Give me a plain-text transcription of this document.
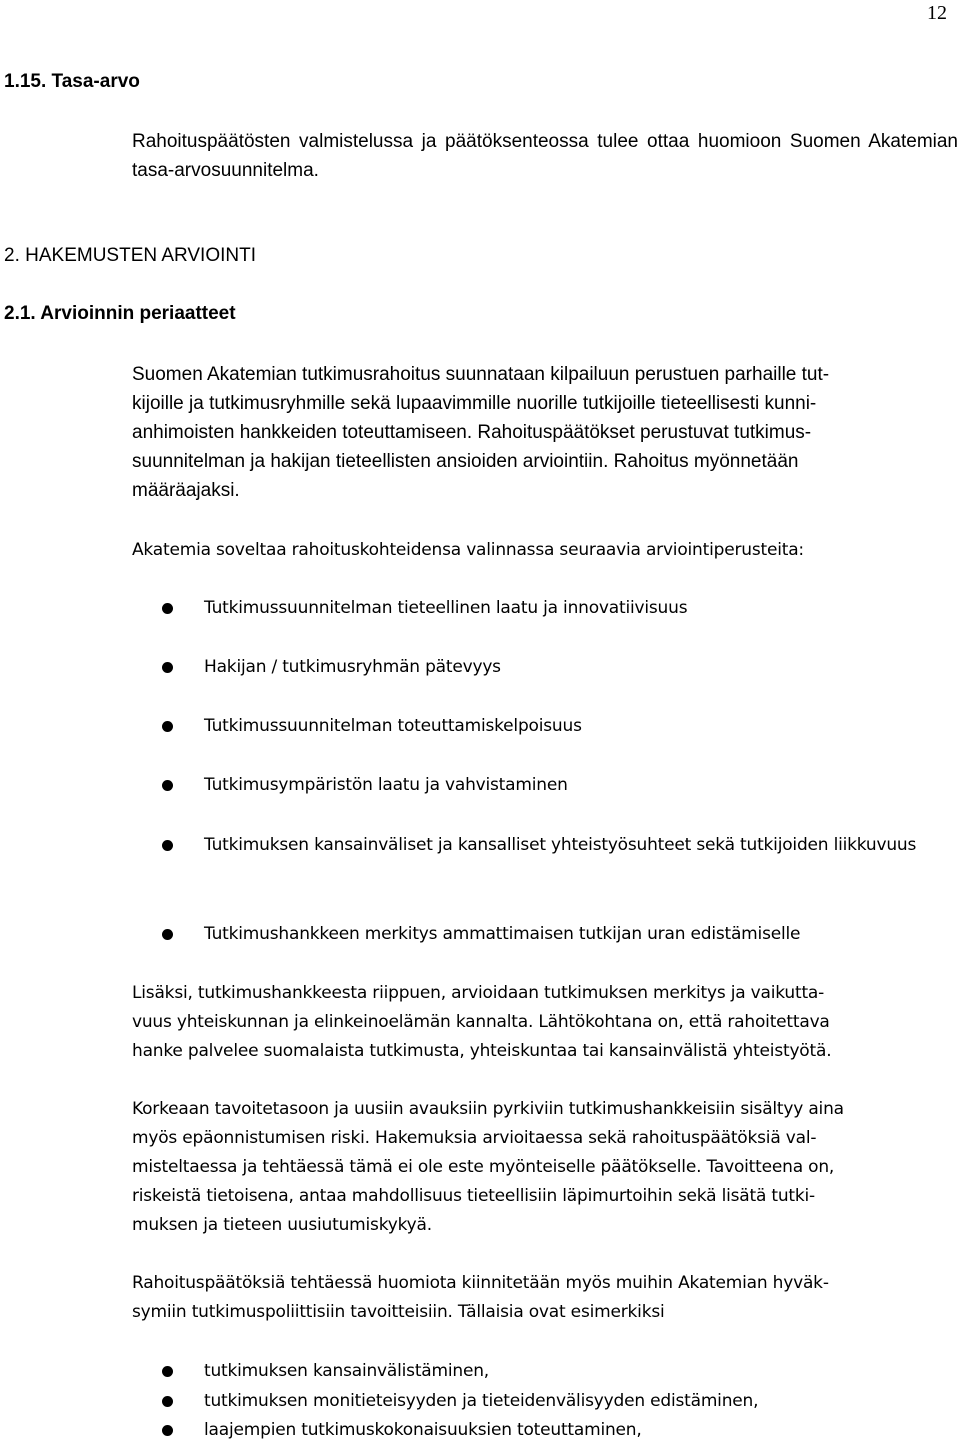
12
1.15. Tasa-arvo

Rahoituspäätösten valmistelussa ja päätöksenteossa tulee ottaa huomioon Suomen Akatemian tasa-arvosuunnitelma.

2. HAKEMUSTEN ARVIOINTI
2.1. Arvioinnin periaatteet

Suomen Akatemian tutkimusrahoitus suunnataan kilpailuun perustuen parhaille tut-

kijoille ja tutkimusryhmille sekä lupaavimmille nuorille tutkijoille tieteellisesti kunni-

anhimoisten hankkeiden toteuttamiseen. Rahoituspäätökset perustuvat tutkimus-

suunnitelman ja hakijan tieteellisten ansioiden arviointiin. Rahoitus myönnetään

määräajaksi.

Akatemia soveltaa rahoituskohteidensa valinnassa seuraavia arviointiperusteita:

Tutkimussuunnitelman tieteellinen laatu ja innovatiivisuus

Hakijan / tutkimusryhmän pätevyys

Tutkimussuunnitelman toteuttamiskelpoisuus

Tutkimusympäristön laatu ja vahvistaminen

Tutkimuksen kansainväliset ja kansalliset yhteistyösuhteet sekä tutkijoiden liikkuvuus

Tutkimushankkeen merkitys ammattimaisen tutkijan uran edistämiselle

Lisäksi, tutkimushankkeesta riippuen, arvioidaan tutkimuksen merkitys ja vaikutta-

vuus yhteiskunnan ja elinkeinoelämän kannalta. Lähtökohtana on, että rahoitettava

hanke palvelee suomalaista tutkimusta, yhteiskuntaa tai kansainvälistä yhteistyötä.

Korkeaan tavoitetasoon ja uusiin avauksiin pyrkiviin tutkimushankkeisiin sisältyy aina

myös epäonnistumisen riski. Hakemuksia arvioitaessa sekä rahoituspäätöksiä val-

misteltaessa ja tehtäessä tämä ei ole este myönteiselle päätökselle. Tavoitteena on,

riskeistä tietoisena, antaa mahdollisuus tieteellisiin läpimurtoihin sekä lisätä tutki-

muksen ja tieteen uusiutumiskykyä.

Rahoituspäätöksiä tehtäessä huomiota kiinnitetään myös muihin Akatemian hyväk-

symiin tutkimuspoliittisiin tavoitteisiin. Tällaisia ovat esimerkiksi

tutkimuksen kansainvälistäminen,

tutkimuksen monitieteisyyden ja tieteidenvälisyyden edistäminen,

laajempien tutkimuskokonaisuuksien toteuttaminen,
